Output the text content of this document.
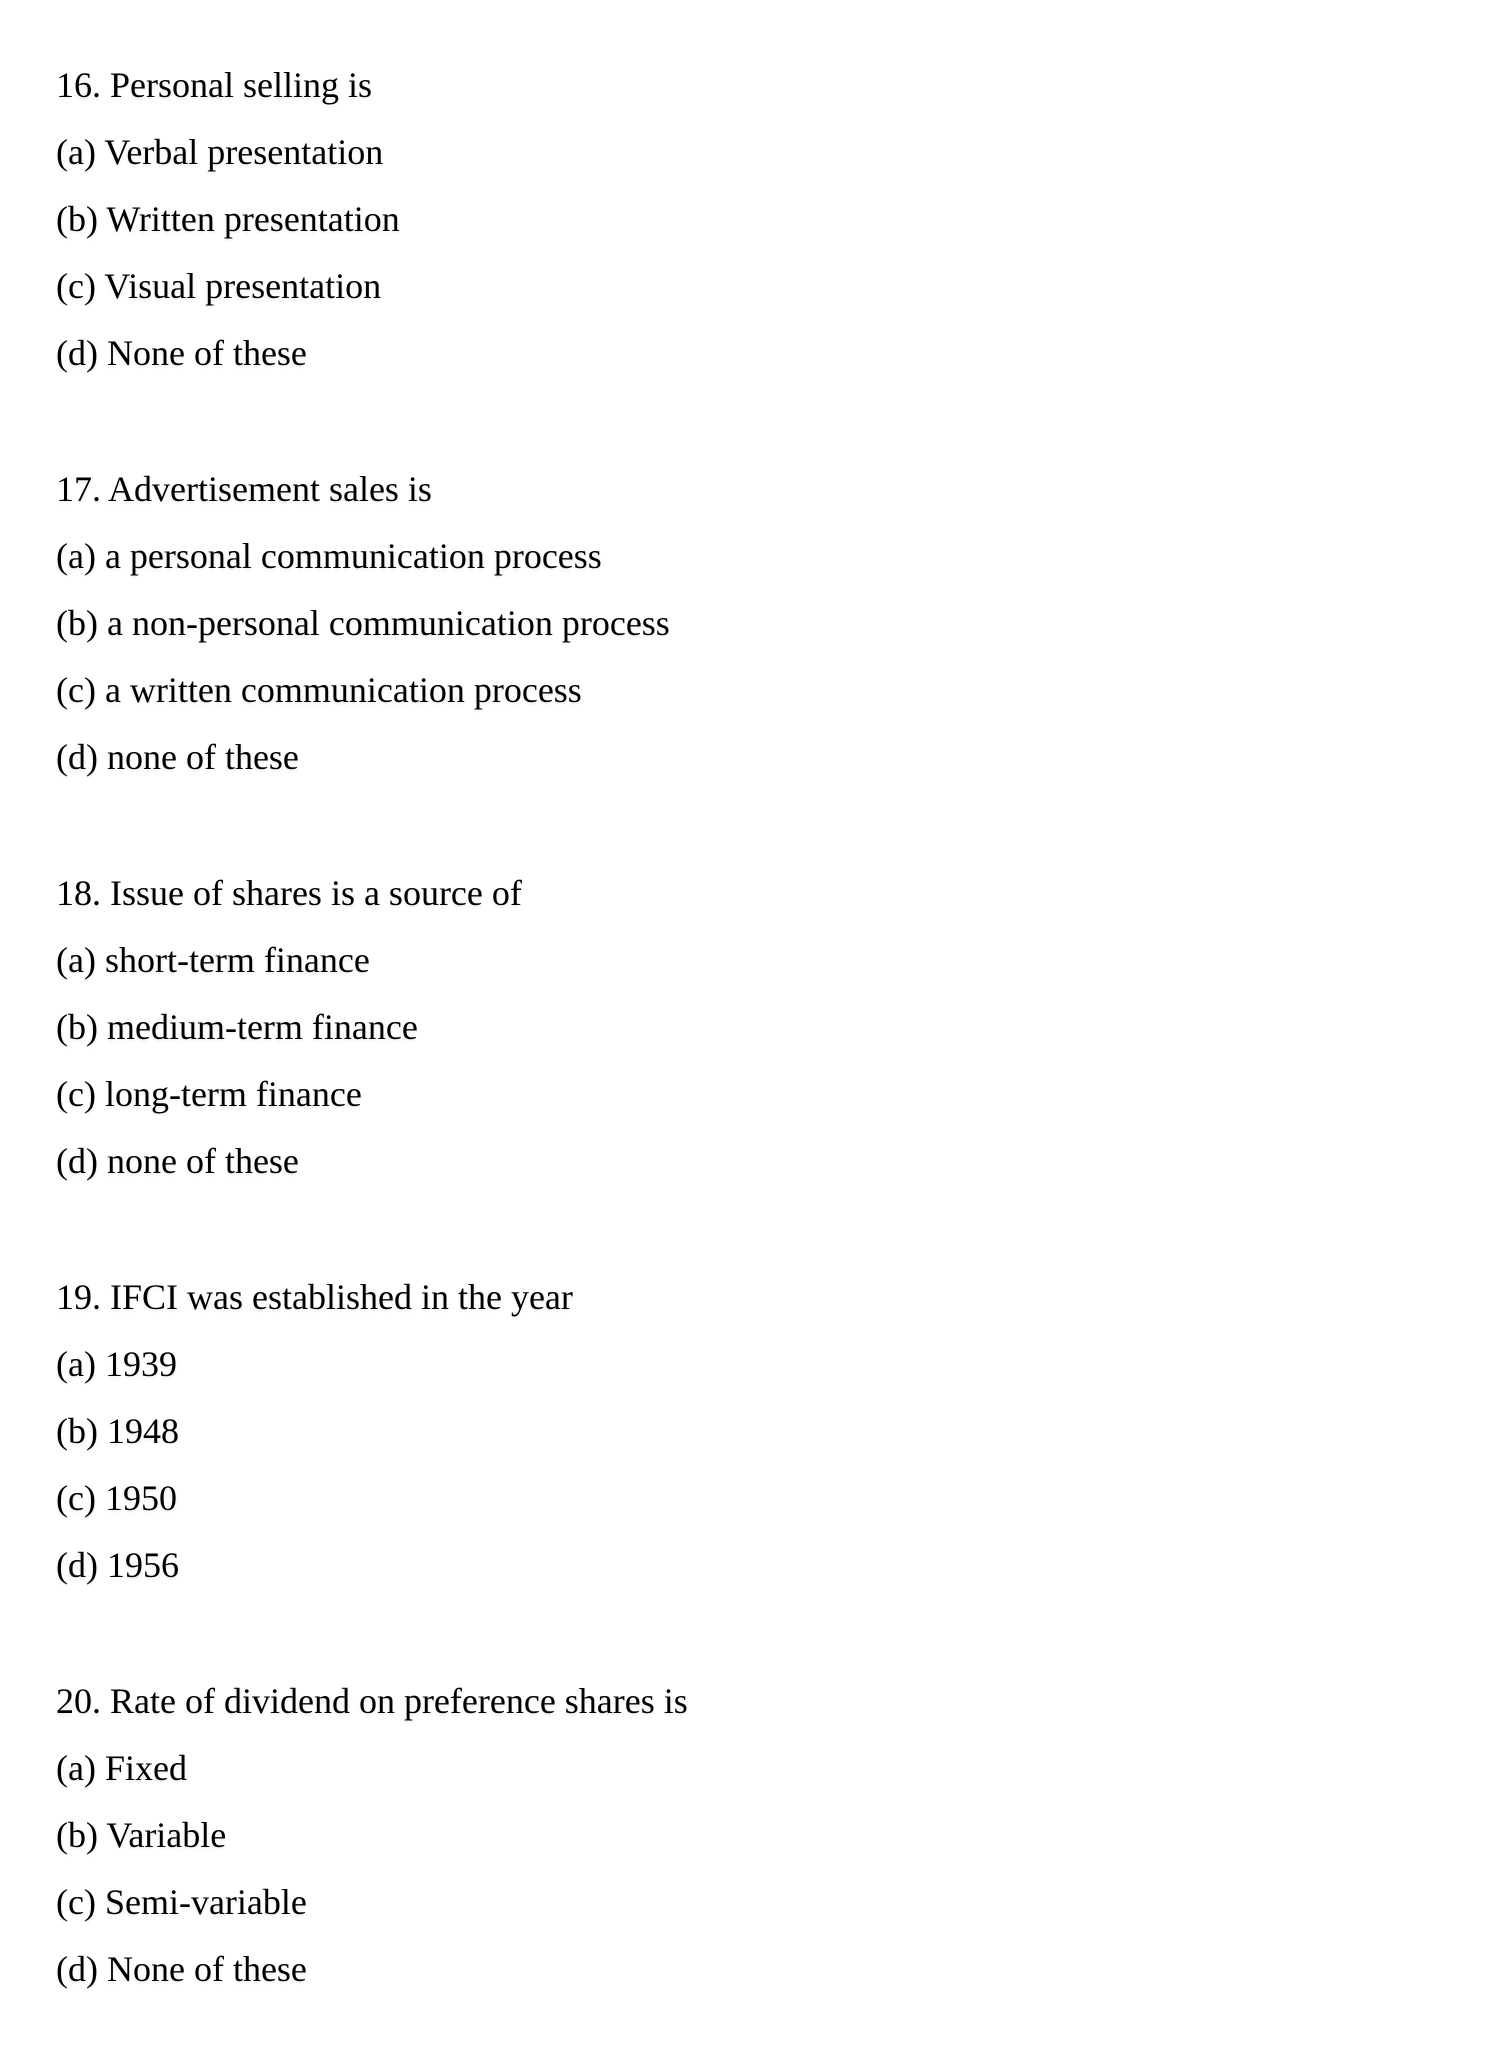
16. Personal selling is
(a) Verbal presentation
(b) Written presentation
(c) Visual presentation
(d) None of these
17. Advertisement sales is
(a) a personal communication process
(b) a non-personal communication process
(c) a written communication process
(d) none of these
18. Issue of shares is a source of
(a) short-term finance
(b) medium-term finance
(c) long-term finance
(d) none of these
19. IFCI was established in the year
(a) 1939
(b) 1948
(c) 1950
(d) 1956
20. Rate of dividend on preference shares is
(a) Fixed
(b) Variable
(c) Semi-variable
(d) None of these
